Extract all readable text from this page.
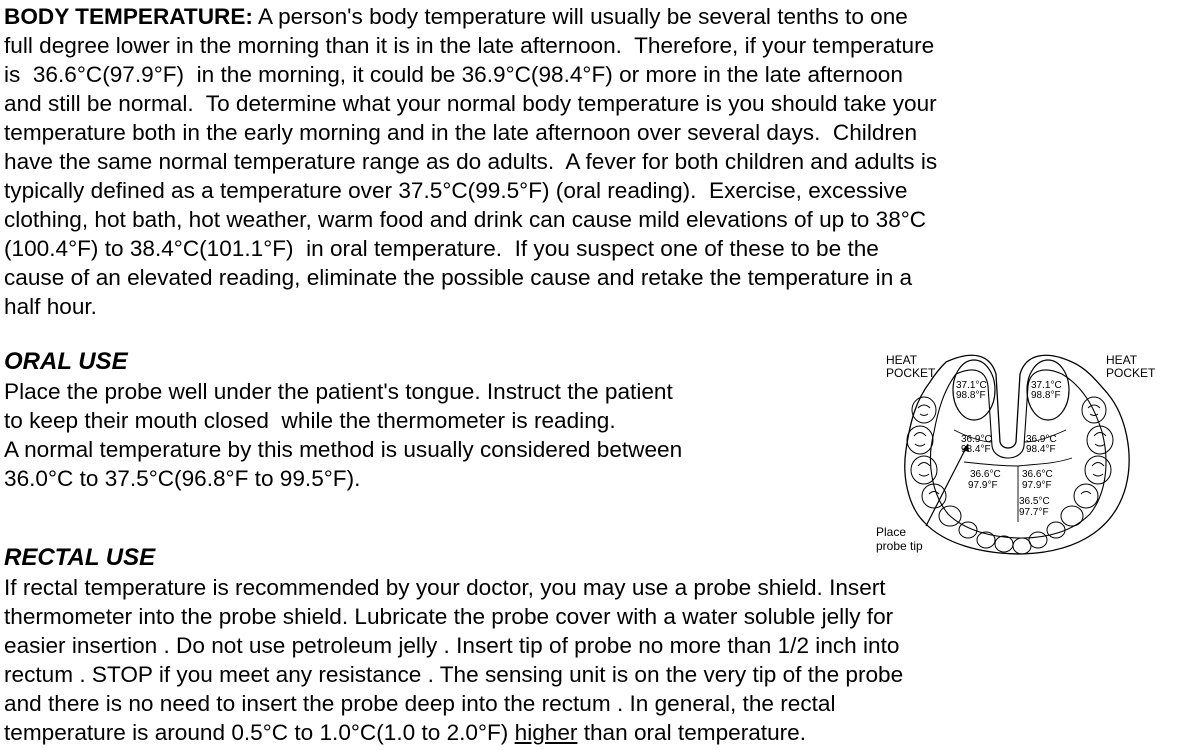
BODY TEMPERATURE: A person's body temperature will usually be several tenths to one
full degree lower in the morning than it is in the late afternoon.  Therefore, if your temperature
is  36.6°C(97.9°F)  in the morning, it could be 36.9°C(98.4°F) or more in the late afternoon
and still be normal.  To determine what your normal body temperature is you should take your
temperature both in the early morning and in the late afternoon over several days.  Children
have the same normal temperature range as do adults.  A fever for both children and adults is
typically defined as a temperature over 37.5°C(99.5°F) (oral reading).  Exercise, excessive
clothing, hot bath, hot weather, warm food and drink can cause mild elevations of up to 38°C
(100.4°F) to 38.4°C(101.1°F)  in oral temperature.  If you suspect one of these to be the
cause of an elevated reading, eliminate the possible cause and retake the temperature in a
half hour.

ORAL USE

Place the probe well under the patient's tongue. Instruct the patient
to keep their mouth closed  while the thermometer is reading.
A normal temperature by this method is usually considered between
36.0°C to 37.5°C(96.8°F to 99.5°F).

HEAT
POCKET
HEAT
POCKET
37.1°C
98.8°F
37.1°C
98.8°F
36.9°C
98.4°F
36.9°C
98.4°F
36.6°C
97.9°F
36.6°C
97.9°F
36.5°C
97.7°F
Place
probe tip
RECTAL USE

If rectal temperature is recommended by your doctor, you may use a probe shield. Insert
thermometer into the probe shield. Lubricate the probe cover with a water soluble jelly for
easier insertion . Do not use petroleum jelly . Insert tip of probe no more than 1/2 inch into
rectum . STOP if you meet any resistance . The sensing unit is on the very tip of the probe
and there is no need to insert the probe deep into the rectum . In general, the rectal
temperature is around 0.5°C to 1.0°C(1.0 to 2.0°F) higher than oral temperature.
